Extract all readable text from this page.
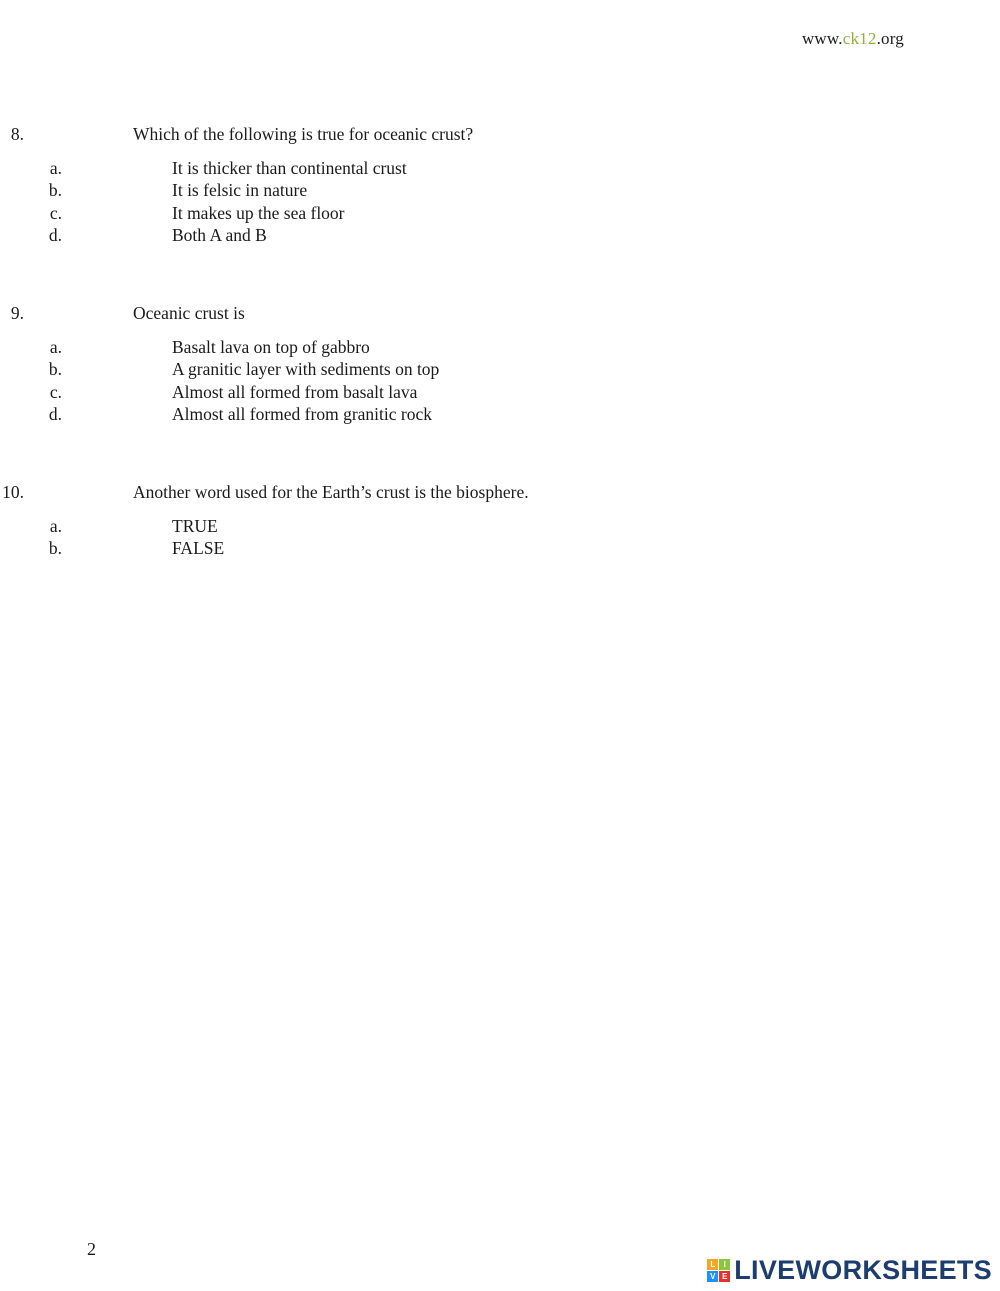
www.ck12.org
8.	Which of the following is true for oceanic crust?
a.	It is thicker than continental crust
b.	It is felsic in nature
c.	It makes up the sea floor
d.	Both A and B
9.	Oceanic crust is
a.	Basalt lava on top of gabbro
b.	A granitic layer with sediments on top
c.	Almost all formed from basalt lava
d.	Almost all formed from granitic rock
10.	Another word used for the Earth’s crust is the biosphere.
a.	TRUE
b.	FALSE
2
L	I
V E LIVEWORKSHEETS
